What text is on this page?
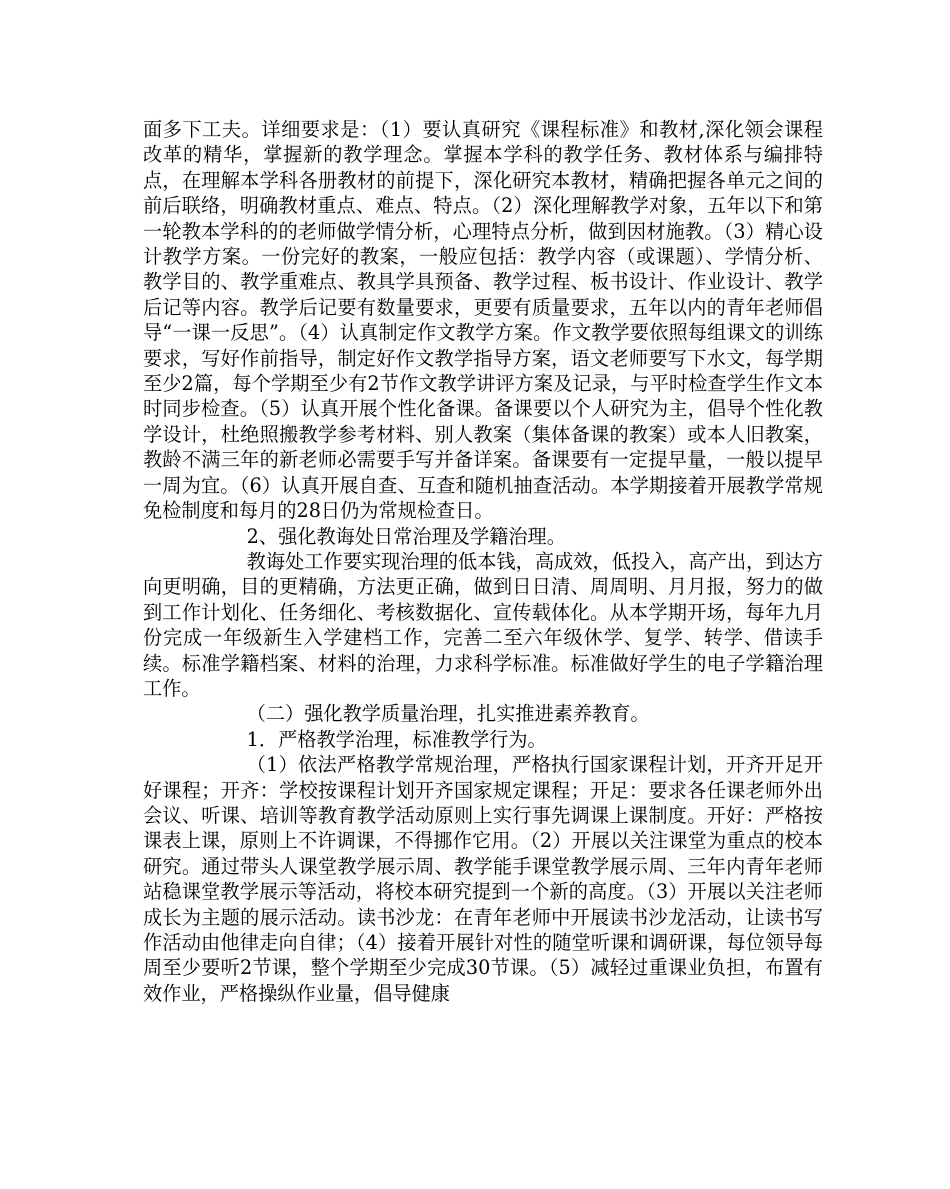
面多下工夫。详细要求是：（1）要认真研究《课程标准》和教材,深化领会课程改革的精华，掌握新的教学理念。掌握本学科的教学任务、教材体系与编排特点，在理解本学科各册教材的前提下，深化研究本教材，精确把握各单元之间的前后联络，明确教材重点、难点、特点。（2）深化理解教学对象，五年以下和第一轮教本学科的的老师做学情分析，心理特点分析，做到因材施教。（3）精心设计教学方案。一份完好的教案，一般应包括：教学内容（或课题）、学情分析、教学目的、教学重难点、教具学具预备、教学过程、板书设计、作业设计、教学后记等内容。教学后记要有数量要求，更要有质量要求，五年以内的青年老师倡导“一课一反思”。（4）认真制定作文教学方案。作文教学要依照每组课文的训练要求，写好作前指导，制定好作文教学指导方案，语文老师要写下水文，每学期至少2篇，每个学期至少有2节作文教学讲评方案及记录，与平时检查学生作文本时同步检查。（5）认真开展个性化备课。备课要以个人研究为主，倡导个性化教学设计，杜绝照搬教学参考材料、别人教案（集体备课的教案）或本人旧教案，教龄不满三年的新老师必需要手写并备详案。备课要有一定提早量，一般以提早一周为宜。（6）认真开展自查、互查和随机抽查活动。本学期接着开展教学常规免检制度和每月的28日仍为常规检查日。

2、强化教诲处日常治理及学籍治理。

教诲处工作要实现治理的低本钱，高成效，低投入，高产出，到达方向更明确，目的更精确，方法更正确，做到日日清、周周明、月月报，努力的做到工作计划化、任务细化、考核数据化、宣传载体化。从本学期开场，每年九月份完成一年级新生入学建档工作，完善二至六年级休学、复学、转学、借读手续。标准学籍档案、材料的治理，力求科学标准。标准做好学生的电子学籍治理工作。

（二）强化教学质量治理，扎实推进素养教育。

1．严格教学治理，标准教学行为。

（1）依法严格教学常规治理，严格执行国家课程计划，开齐开足开好课程；开齐：学校按课程计划开齐国家规定课程；开足：要求各任课老师外出会议、听课、培训等教育教学活动原则上实行事先调课上课制度。开好：严格按课表上课，原则上不许调课，不得挪作它用。（2）开展以关注课堂为重点的校本研究。通过带头人课堂教学展示周、教学能手课堂教学展示周、三年内青年老师站稳课堂教学展示等活动，将校本研究提到一个新的高度。（3）开展以关注老师成长为主题的展示活动。读书沙龙：在青年老师中开展读书沙龙活动，让读书写作活动由他律走向自律；（4）接着开展针对性的随堂听课和调研课，每位领导每周至少要听2节课，整个学期至少完成30节课。（5）减轻过重课业负担，布置有效作业，严格操纵作业量，倡导健康
